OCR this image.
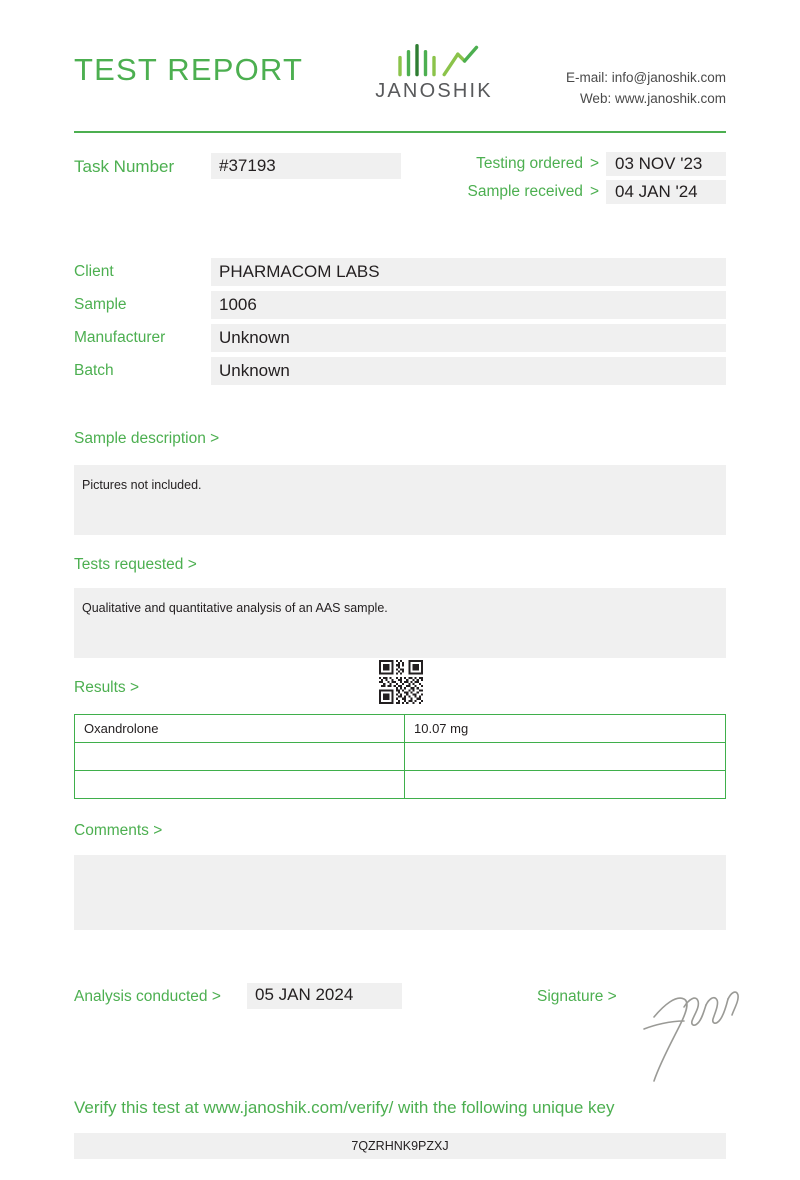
TEST REPORT
JANOSHIK
E-mail: info@janoshik.com
Web: www.janoshik.com
Task Number	#37193	Testing ordered > 03 NOV '23
Sample received > 04 JAN '24
Client	PHARMACOM LABS
Sample	1006
Manufacturer	Unknown
Batch	Unknown
Sample description >
Pictures not included.
Tests requested >
Qualitative and quantitative analysis of an AAS sample.
Results >
Oxandrolone	10.07 mg

Comments >
Analysis conducted >	05 JAN 2024	Signature >
Verify this test at www.janoshik.com/verify/ with the following unique key
7QZRHNK9PZXJ
